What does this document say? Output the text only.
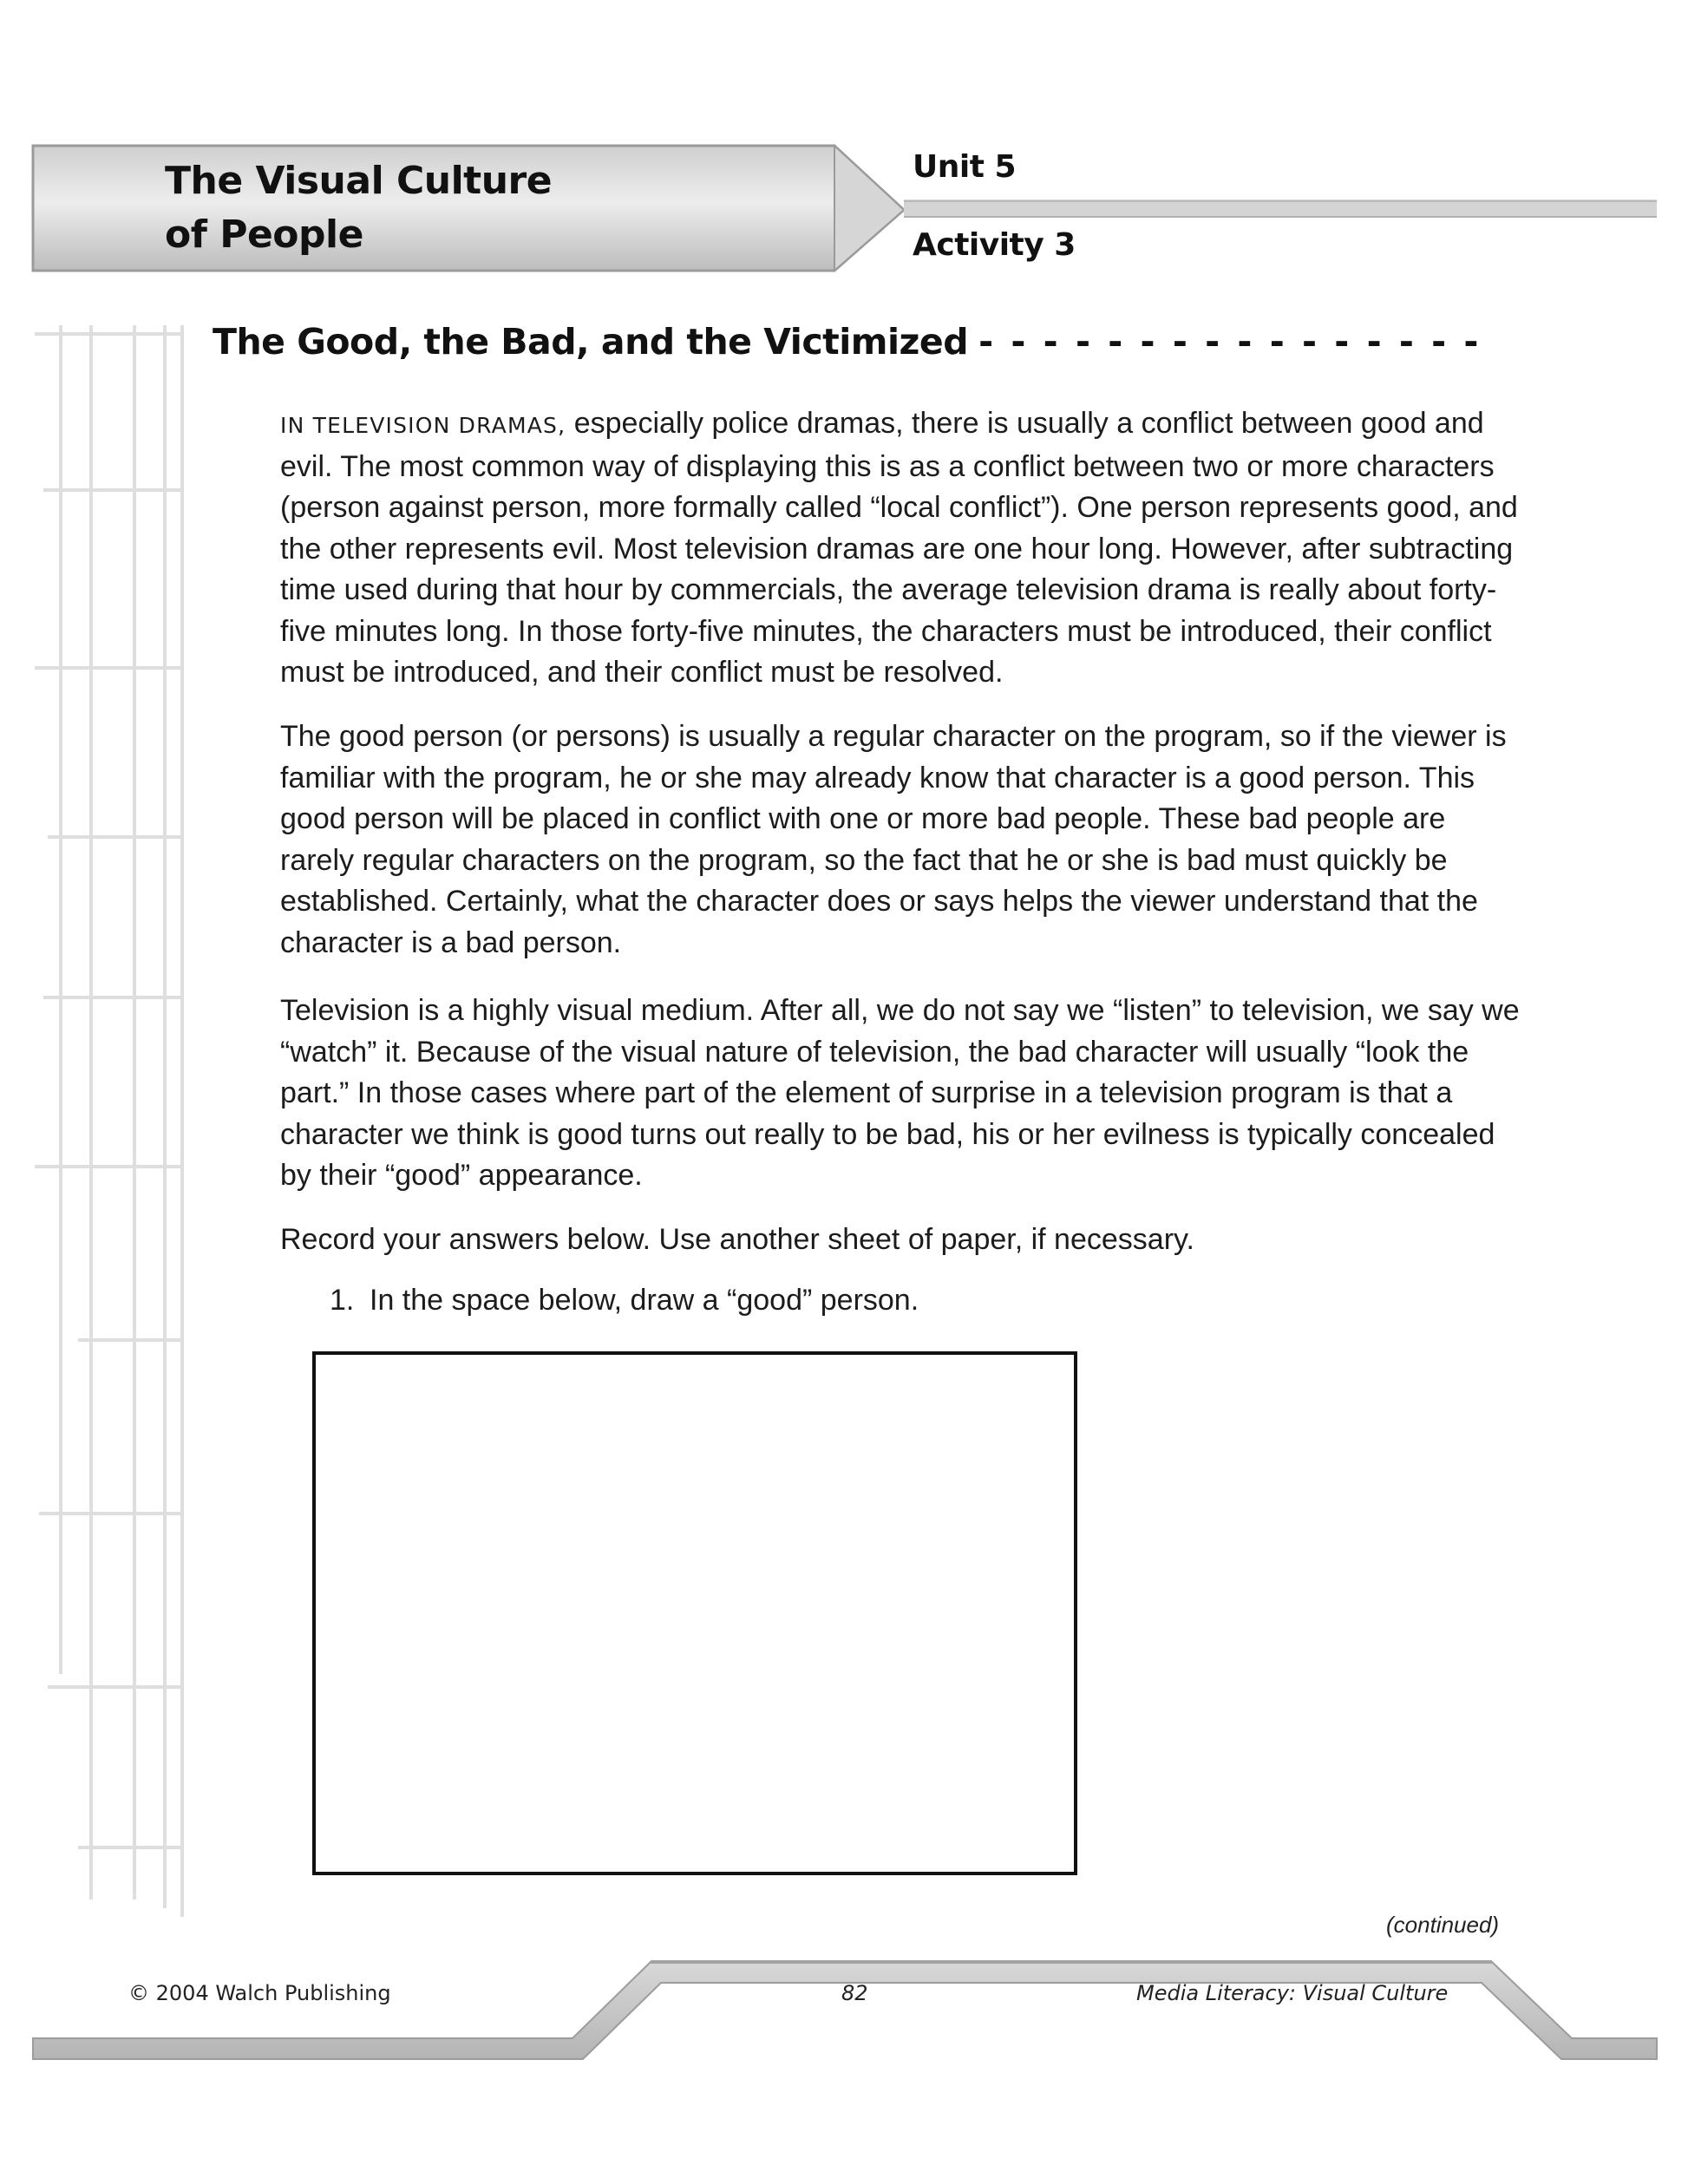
The Visual Culture
of People
Unit 5
Activity 3
The Good, the Bad, and the Victimized - - - - - - - - - - - - - - - -

IN TELEVISION DRAMAS, especially police dramas, there is usually a conflict between good and evil. The most common way of displaying this is as a conflict between two or more characters (person against person, more formally called “local conflict”). One person represents good, and the other represents evil. Most television dramas are one hour long. However, after subtracting time used during that hour by commercials, the average television drama is really about forty-five minutes long. In those forty-five minutes, the characters must be introduced, their conflict must be introduced, and their conflict must be resolved.

The good person (or persons) is usually a regular character on the program, so if the viewer is familiar with the program, he or she may already know that character is a good person. This good person will be placed in conflict with one or more bad people. These bad people are rarely regular characters on the program, so the fact that he or she is bad must quickly be established. Certainly, what the character does or says helps the viewer understand that the character is a bad person.

Television is a highly visual medium. After all, we do not say we “listen” to television, we say we “watch” it. Because of the visual nature of television, the bad character will usually “look the part.” In those cases where part of the element of surprise in a television program is that a character we think is good turns out really to be bad, his or her evilness is typically concealed by their “good” appearance.

Record your answers below. Use another sheet of paper, if necessary.

1. In the space below, draw a “good” person.
(continued)
© 2004 Walch Publishing	82	Media Literacy: Visual Culture
